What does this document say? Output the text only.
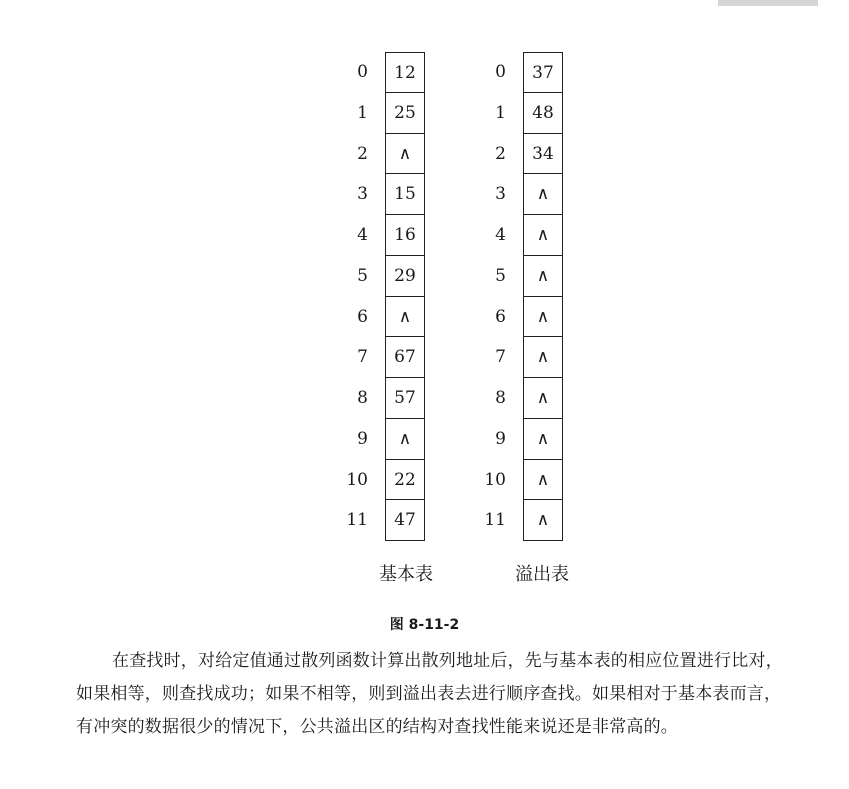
0	12
1	25
2	∧
3	15
4	16
5	29
6	∧
7	67
8	57
9	∧
10	22
11	47
基本表
0	37
1	48
2	34
3	∧
4	∧
5	∧
6	∧
7	∧
8	∧
9	∧
10	∧
11	∧
溢出表
图 8-11-2
在查找时，对给定值通过散列函数计算出散列地址后，先与基本表的相应位置进行比对，如果相等，则查找成功；如果不相等，则到溢出表去进行顺序查找。如果相对于基本表而言，有冲突的数据很少的情况下，公共溢出区的结构对查找性能来说还是非常高的。
